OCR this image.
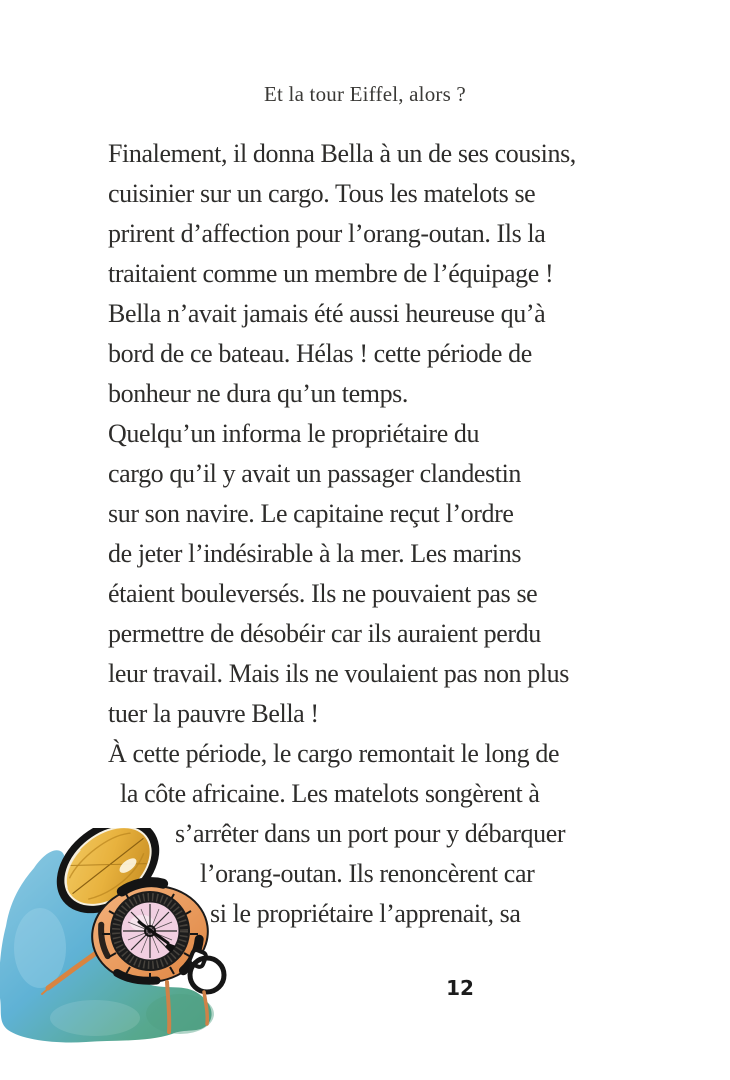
Et la tour Eiffel, alors ?
Finalement, il donna Bella à un de ses cousins,
cuisinier sur un cargo. Tous les matelots se
prirent d’affection pour l’orang-outan. Ils la
traitaient comme un membre de l’équipage !
Bella n’avait jamais été aussi heureuse qu’à
bord de ce bateau. Hélas ! cette période de
bonheur ne dura qu’un temps.
Quelqu’un informa le propriétaire du
cargo qu’il y avait un passager clandestin
sur son navire. Le capitaine reçut l’ordre
de jeter l’indésirable à la mer. Les marins
étaient bouleversés. Ils ne pouvaient pas se
permettre de désobéir car ils auraient perdu
leur travail. Mais ils ne voulaient pas non plus
tuer la pauvre Bella !
À cette période, le cargo remontait le long de
la côte africaine. Les matelots songèrent à
s’arrêter dans un port pour y débarquer
l’orang-outan. Ils renoncèrent car
si le propriétaire l’apprenait, sa
12
